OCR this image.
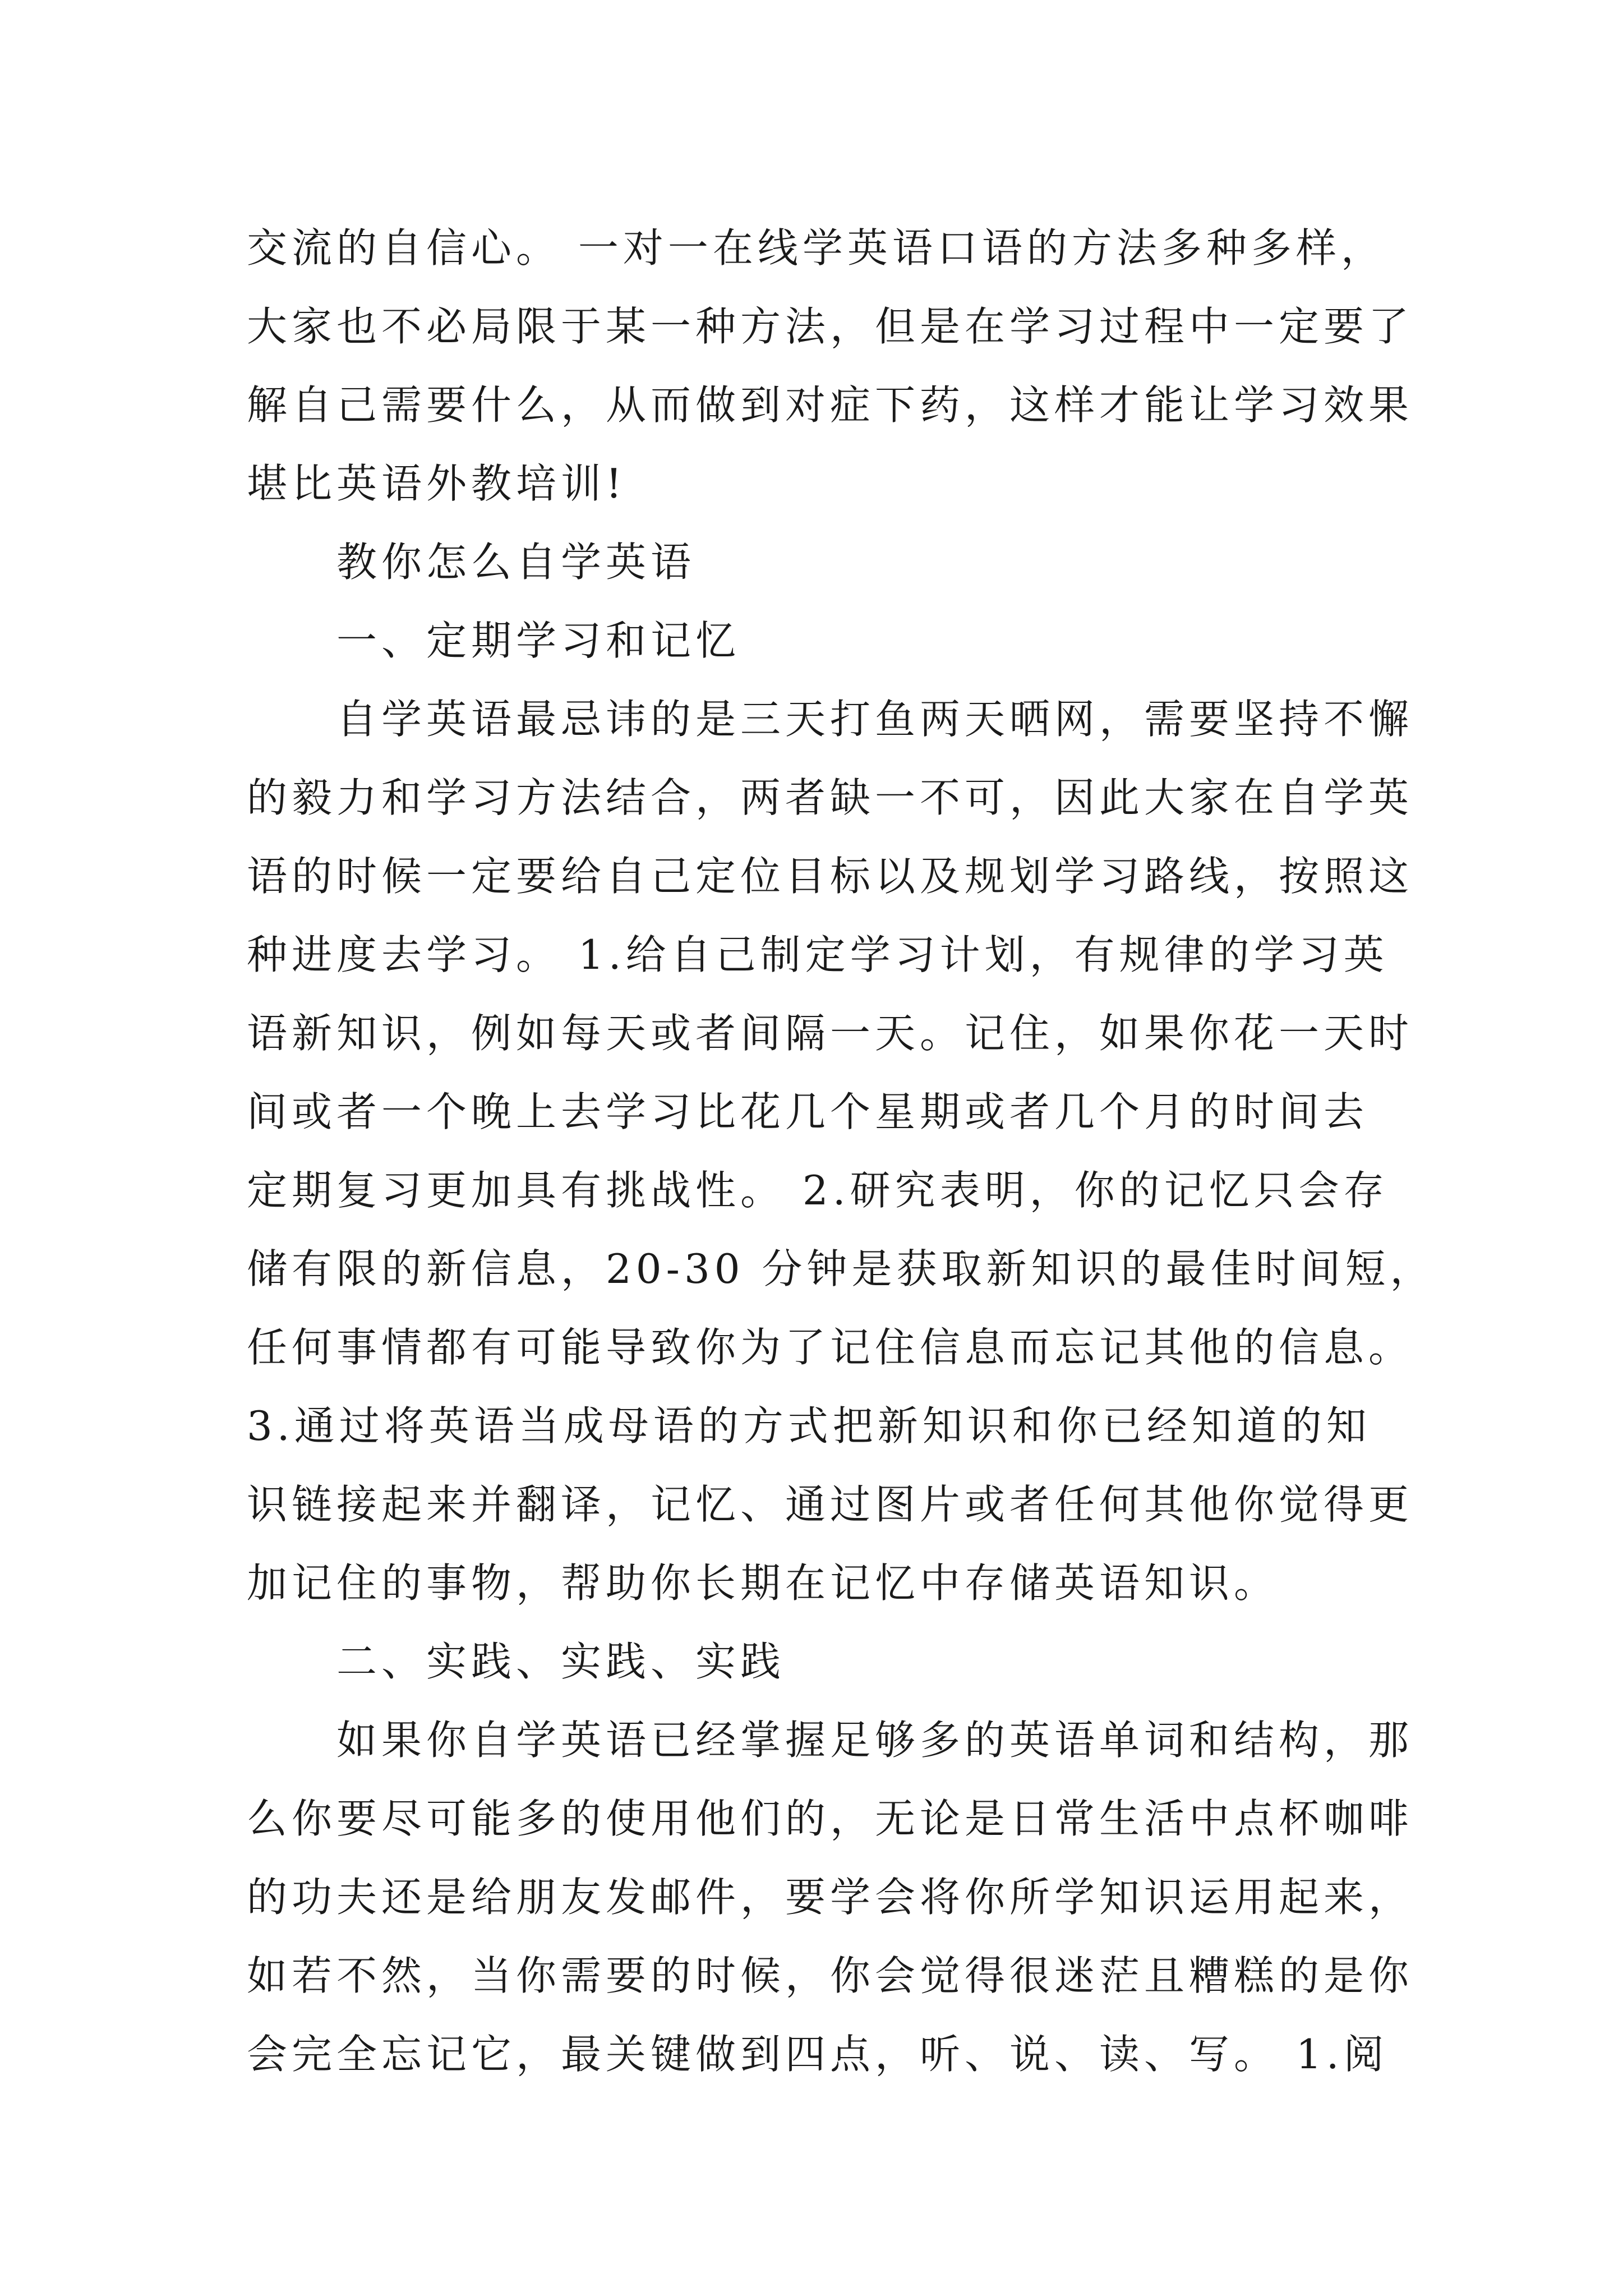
交流的自信心。 一对一在线学英语口语的方法多种多样，
大家也不必局限于某一种方法，但是在学习过程中一定要了
解自己需要什么，从而做到对症下药，这样才能让学习效果
堪比英语外教培训!
教你怎么自学英语
一、定期学习和记忆
自学英语最忌讳的是三天打鱼两天晒网，需要坚持不懈
的毅力和学习方法结合，两者缺一不可，因此大家在自学英
语的时候一定要给自己定位目标以及规划学习路线，按照这
种进度去学习。 1.给自己制定学习计划，有规律的学习英
语新知识，例如每天或者间隔一天。记住，如果你花一天时
间或者一个晚上去学习比花几个星期或者几个月的时间去
定期复习更加具有挑战性。 2.研究表明，你的记忆只会存
储有限的新信息，20-30 分钟是获取新知识的最佳时间短，
任何事情都有可能导致你为了记住信息而忘记其他的信息。
3.通过将英语当成母语的方式把新知识和你已经知道的知
识链接起来并翻译，记忆、通过图片或者任何其他你觉得更
加记住的事物，帮助你长期在记忆中存储英语知识。
二、实践、实践、实践
如果你自学英语已经掌握足够多的英语单词和结构，那
么你要尽可能多的使用他们的，无论是日常生活中点杯咖啡
的功夫还是给朋友发邮件，要学会将你所学知识运用起来，
如若不然，当你需要的时候，你会觉得很迷茫且糟糕的是你
会完全忘记它，最关键做到四点，听、说、读、写。 1.阅
